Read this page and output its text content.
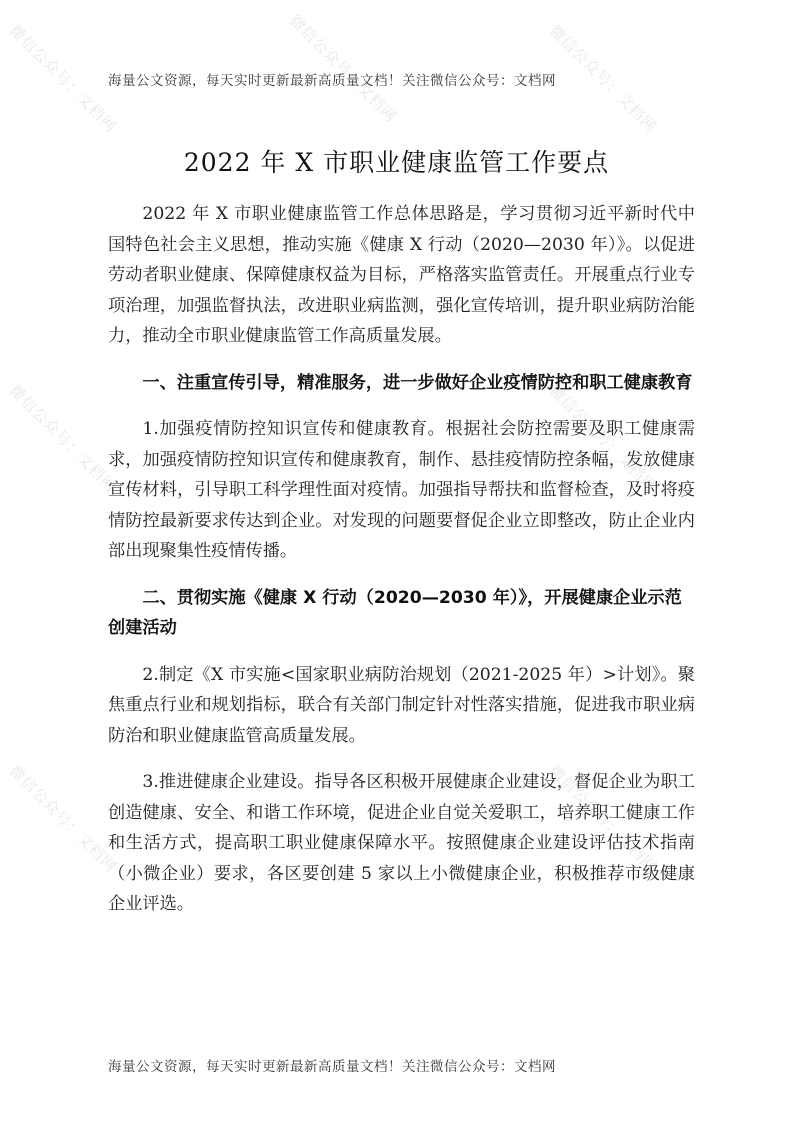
微信公众号：文档网	微信公众号：文档网	微信公众号：文档网
微信公众号：文档网	微信公众号：文档网
微信公众号：文档网	微信公众号：文档网
海量公文资源，每天实时更新最新高质量文档！关注微信公众号：文档网
2022 年 X 市职业健康监管工作要点

2022 年 X 市职业健康监管工作总体思路是，学习贯彻习近平新时代中国特色社会主义思想，推动实施《健康 X 行动（2020—2030 年）》。以促进劳动者职业健康、保障健康权益为目标，严格落实监管责任。开展重点行业专项治理，加强监督执法，改进职业病监测，强化宣传培训，提升职业病防治能力，推动全市职业健康监管工作高质量发展。

一、注重宣传引导，精准服务，进一步做好企业疫情防控和职工健康教育

1.加强疫情防控知识宣传和健康教育。根据社会防控需要及职工健康需求，加强疫情防控知识宣传和健康教育，制作、悬挂疫情防控条幅，发放健康宣传材料，引导职工科学理性面对疫情。加强指导帮扶和监督检查，及时将疫情防控最新要求传达到企业。对发现的问题要督促企业立即整改，防止企业内部出现聚集性疫情传播。

二、贯彻实施《健康 X 行动（2020—2030 年）》，开展健康企业示范创建活动

2.制定《X 市实施<国家职业病防治规划（2021-2025 年）>计划》。聚焦重点行业和规划指标，联合有关部门制定针对性落实措施，促进我市职业病防治和职业健康监管高质量发展。

3.推进健康企业建设。指导各区积极开展健康企业建设，督促企业为职工创造健康、安全、和谐工作环境，促进企业自觉关爱职工，培养职工健康工作和生活方式，提高职工职业健康保障水平。按照健康企业建设评估技术指南（小微企业）要求，各区要创建 5 家以上小微健康企业，积极推荐市级健康企业评选。

海量公文资源，每天实时更新最新高质量文档！关注微信公众号：文档网
